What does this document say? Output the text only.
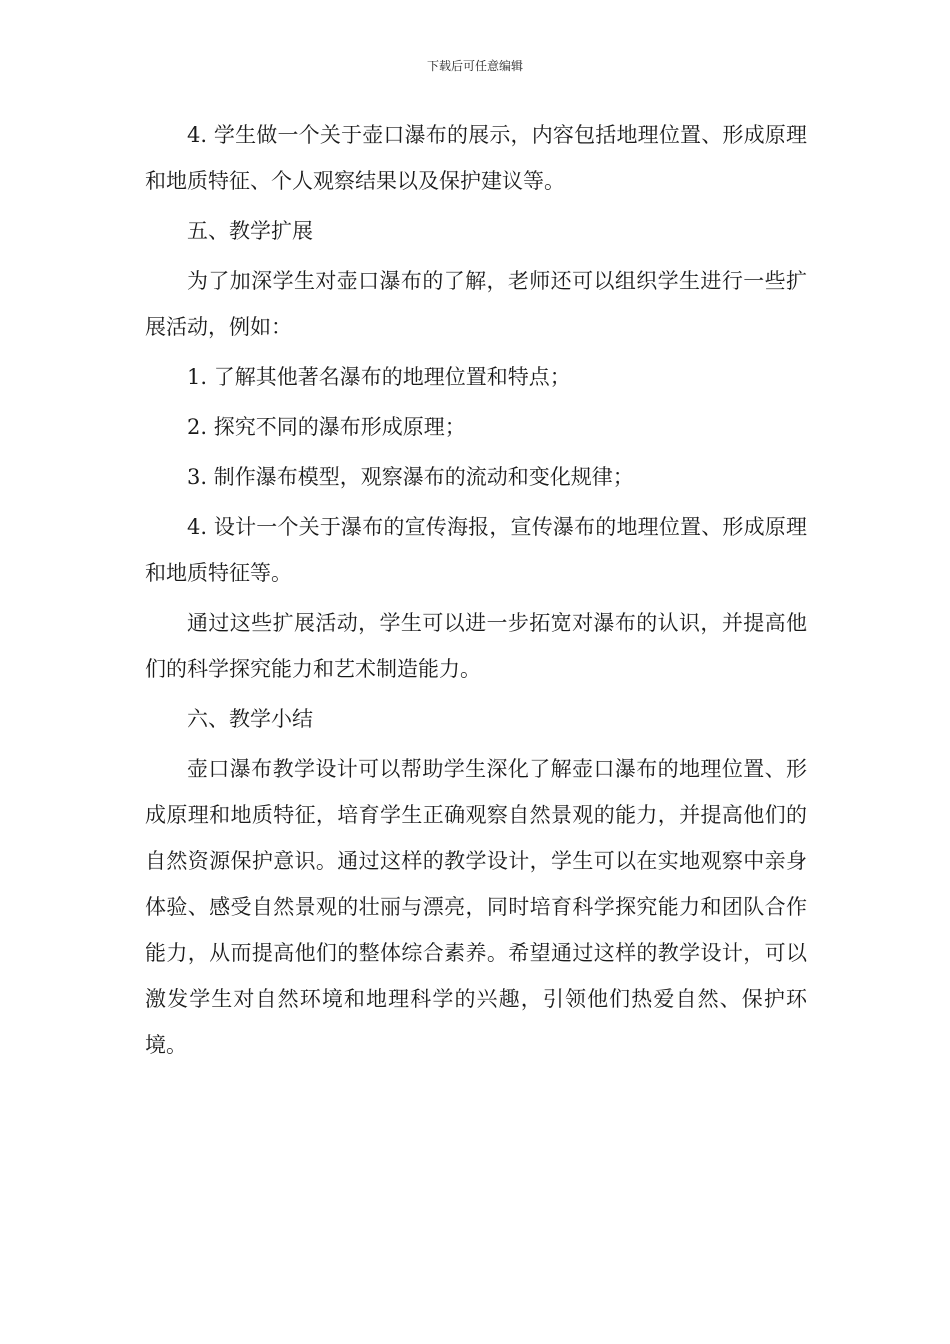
下载后可任意编辑

4. 学生做一个关于壶口瀑布的展示，内容包括地理位置、形成原理和地质特征、个人观察结果以及保护建议等。

五、教学扩展

为了加深学生对壶口瀑布的了解，老师还可以组织学生进行一些扩展活动，例如：

1. 了解其他著名瀑布的地理位置和特点；

2. 探究不同的瀑布形成原理；

3. 制作瀑布模型，观察瀑布的流动和变化规律；

4. 设计一个关于瀑布的宣传海报，宣传瀑布的地理位置、形成原理和地质特征等。

通过这些扩展活动，学生可以进一步拓宽对瀑布的认识，并提高他们的科学探究能力和艺术制造能力。

六、教学小结

壶口瀑布教学设计可以帮助学生深化了解壶口瀑布的地理位置、形成原理和地质特征，培育学生正确观察自然景观的能力，并提高他们的自然资源保护意识。通过这样的教学设计，学生可以在实地观察中亲身体验、感受自然景观的壮丽与漂亮，同时培育科学探究能力和团队合作能力，从而提高他们的整体综合素养。希望通过这样的教学设计，可以激发学生对自然环境和地理科学的兴趣，引领他们热爱自然、保护环境。
